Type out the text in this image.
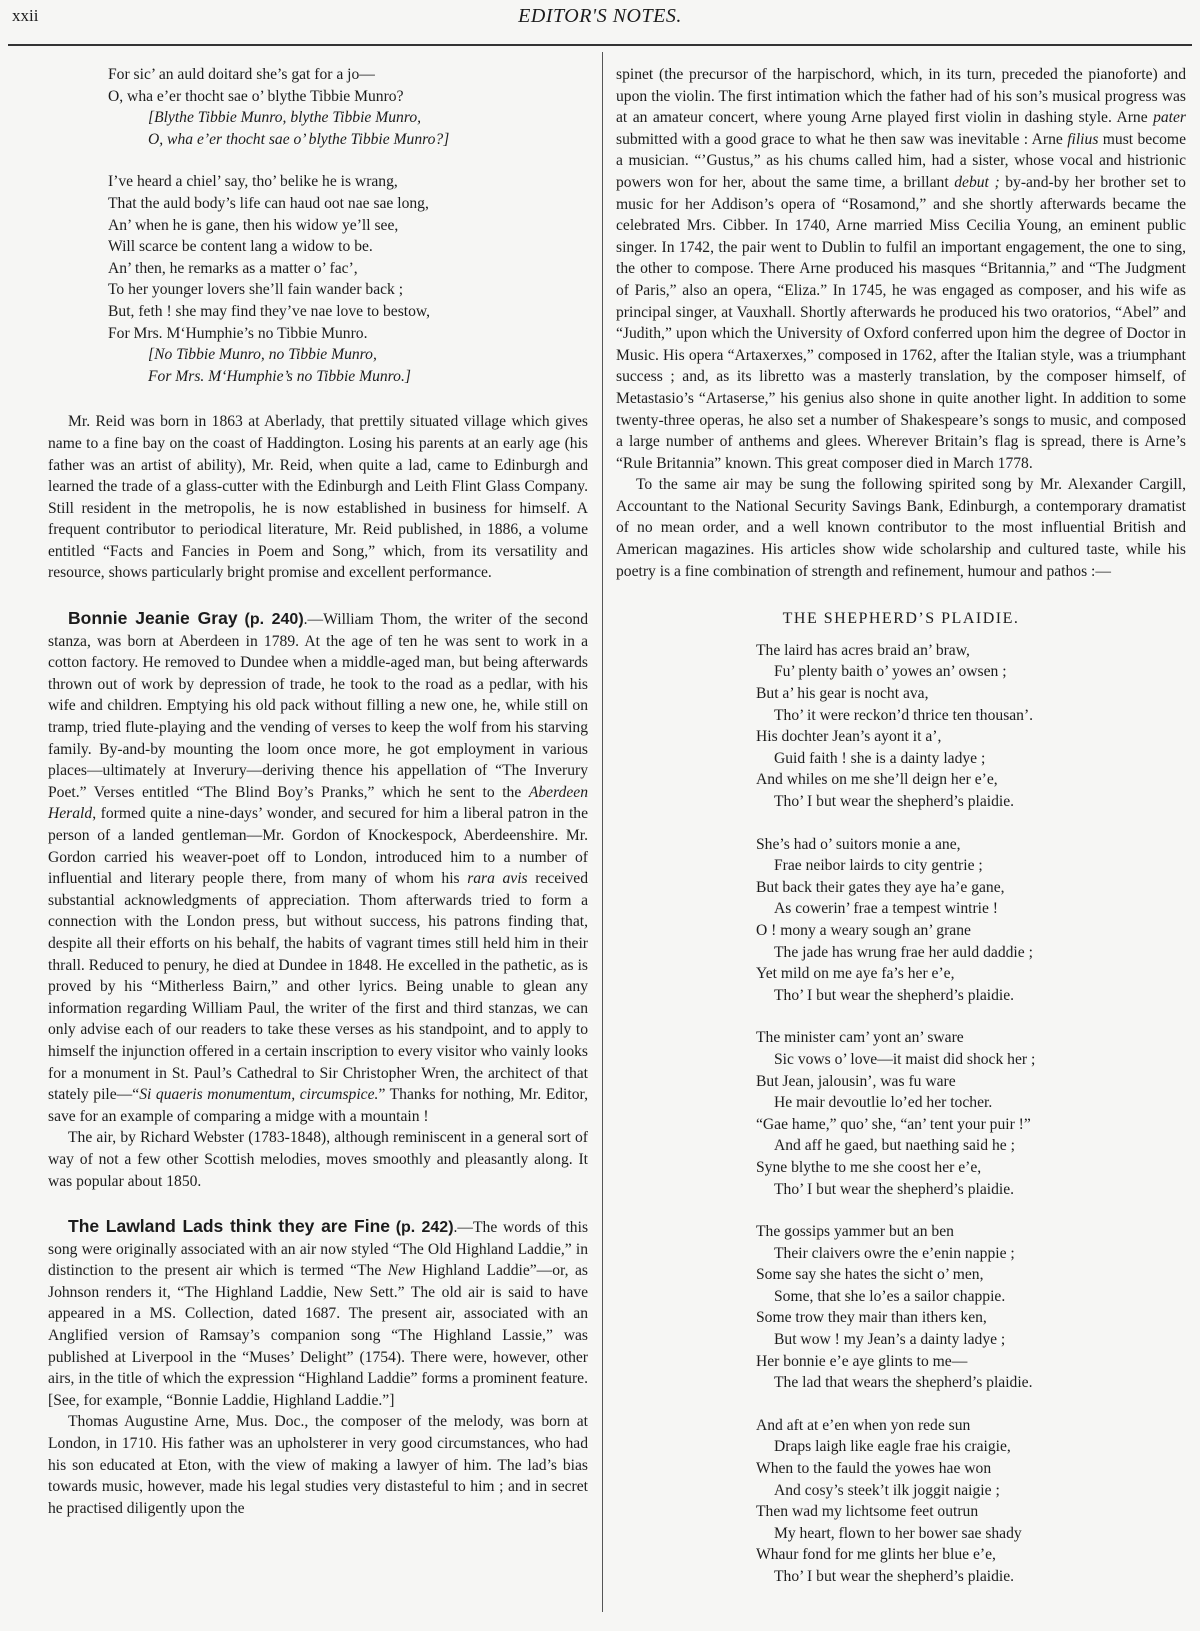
xxii	EDITOR'S NOTES.
For sic’ an auld doitard she’s gat for a jo—
O, wha e’er thocht sae o’ blythe Tibbie Munro?
[Blythe Tibbie Munro, blythe Tibbie Munro,
O, wha e’er thocht sae o’ blythe Tibbie Munro?]
I’ve heard a chiel’ say, tho’ belike he is wrang,
That the auld body’s life can haud oot nae sae long,
An’ when he is gane, then his widow ye’ll see,
Will scarce be content lang a widow to be.
An’ then, he remarks as a matter o’ fac’,
To her younger lovers she’ll fain wander back ;
But, feth ! she may find they’ve nae love to bestow,
For Mrs. M‘Humphie’s no Tibbie Munro.
[No Tibbie Munro, no Tibbie Munro,
For Mrs. M‘Humphie’s no Tibbie Munro.]

Mr. Reid was born in 1863 at Aberlady, that prettily situated village which gives name to a fine bay on the coast of Haddington. Losing his parents at an early age (his father was an artist of ability), Mr. Reid, when quite a lad, came to Edinburgh and learned the trade of a glass-cutter with the Edinburgh and Leith Flint Glass Company. Still resident in the metropolis, he is now established in business for himself. A frequent contributor to periodical literature, Mr. Reid published, in 1886, a volume entitled “Facts and Fancies in Poem and Song,” which, from its versatility and resource, shows particularly bright promise and excellent performance.

Bonnie Jeanie Gray (p. 240).—William Thom, the writer of the second stanza, was born at Aberdeen in 1789. At the age of ten he was sent to work in a cotton factory. He removed to Dundee when a middle-aged man, but being afterwards thrown out of work by depression of trade, he took to the road as a pedlar, with his wife and children. Emptying his old pack without filling a new one, he, while still on tramp, tried flute-playing and the vending of verses to keep the wolf from his starving family. By-and-by mounting the loom once more, he got employment in various places—ultimately at Inverury—deriving thence his appellation of “The Inverury Poet.” Verses entitled “The Blind Boy’s Pranks,” which he sent to the Aberdeen Herald, formed quite a nine-days’ wonder, and secured for him a liberal patron in the person of a landed gentleman—Mr. Gordon of Knockespock, Aberdeenshire. Mr. Gordon carried his weaver-poet off to London, introduced him to a number of influential and literary people there, from many of whom his rara avis received substantial acknowledgments of appreciation. Thom afterwards tried to form a connection with the London press, but without success, his patrons finding that, despite all their efforts on his behalf, the habits of vagrant times still held him in their thrall. Reduced to penury, he died at Dundee in 1848. He excelled in the pathetic, as is proved by his “Mitherless Bairn,” and other lyrics. Being unable to glean any information regarding William Paul, the writer of the first and third stanzas, we can only advise each of our readers to take these verses as his standpoint, and to apply to himself the injunction offered in a certain inscription to every visitor who vainly looks for a monument in St. Paul’s Cathedral to Sir Christopher Wren, the architect of that stately pile—“Si quaeris monumentum, circumspice.” Thanks for nothing, Mr. Editor, save for an example of comparing a midge with a mountain !

The air, by Richard Webster (1783-1848), although reminiscent in a general sort of way of not a few other Scottish melodies, moves smoothly and pleasantly along. It was popular about 1850.

The Lawland Lads think they are Fine (p. 242).—The words of this song were originally associated with an air now styled “The Old Highland Laddie,” in distinction to the present air which is termed “The New Highland Laddie”—or, as Johnson renders it, “The Highland Laddie, New Sett.” The old air is said to have appeared in a MS. Collection, dated 1687. The present air, associated with an Anglified version of Ramsay’s companion song “The Highland Lassie,” was published at Liverpool in the “Muses’ Delight” (1754). There were, however, other airs, in the title of which the expression “Highland Laddie” forms a prominent feature. [See, for example, “Bonnie Laddie, Highland Laddie.”]

Thomas Augustine Arne, Mus. Doc., the composer of the melody, was born at London, in 1710. His father was an upholsterer in very good circumstances, who had his son educated at Eton, with the view of making a lawyer of him. The lad’s bias towards music, however, made his legal studies very distasteful to him ; and in secret he practised diligently upon the

spinet (the precursor of the harpischord, which, in its turn, preceded the pianoforte) and upon the violin. The first intimation which the father had of his son’s musical progress was at an amateur concert, where young Arne played first violin in dashing style. Arne pater submitted with a good grace to what he then saw was inevitable : Arne filius must become a musician. “’Gustus,” as his chums called him, had a sister, whose vocal and histrionic powers won for her, about the same time, a brillant debut ; by-and-by her brother set to music for her Addison’s opera of “Rosamond,” and she shortly afterwards became the celebrated Mrs. Cibber. In 1740, Arne married Miss Cecilia Young, an eminent public singer. In 1742, the pair went to Dublin to fulfil an important engagement, the one to sing, the other to compose. There Arne produced his masques “Britannia,” and “The Judgment of Paris,” also an opera, “Eliza.” In 1745, he was engaged as composer, and his wife as principal singer, at Vauxhall. Shortly afterwards he produced his two oratorios, “Abel” and “Judith,” upon which the University of Oxford conferred upon him the degree of Doctor in Music. His opera “Artaxerxes,” composed in 1762, after the Italian style, was a triumphant success ; and, as its libretto was a masterly translation, by the composer himself, of Metastasio’s “Artaserse,” his genius also shone in quite another light. In addition to some twenty-three operas, he also set a number of Shakespeare’s songs to music, and composed a large number of anthems and glees. Wherever Britain’s flag is spread, there is Arne’s “Rule Britannia” known. This great composer died in March 1778.

To the same air may be sung the following spirited song by Mr. Alexander Cargill, Accountant to the National Security Savings Bank, Edinburgh, a contemporary dramatist of no mean order, and a well known contributor to the most influential British and American magazines. His articles show wide scholarship and cultured taste, while his poetry is a fine combination of strength and refinement, humour and pathos :—

THE SHEPHERD’S PLAIDIE.
The laird has acres braid an’ braw,
Fu’ plenty baith o’ yowes an’ owsen ;
But a’ his gear is nocht ava,
Tho’ it were reckon’d thrice ten thousan’.
His dochter Jean’s ayont it a’,
Guid faith ! she is a dainty ladye ;
And whiles on me she’ll deign her e’e,
Tho’ I but wear the shepherd’s plaidie.
She’s had o’ suitors monie a ane,
Frae neibor lairds to city gentrie ;
But back their gates they aye ha’e gane,
As cowerin’ frae a tempest wintrie !
O ! mony a weary sough an’ grane
The jade has wrung frae her auld daddie ;
Yet mild on me aye fa’s her e’e,
Tho’ I but wear the shepherd’s plaidie.
The minister cam’ yont an’ sware
Sic vows o’ love—it maist did shock her ;
But Jean, jalousin’, was fu ware
He mair devoutlie lo’ed her tocher.
“Gae hame,” quo’ she, “an’ tent your puir !”
And aff he gaed, but naething said he ;
Syne blythe to me she coost her e’e,
Tho’ I but wear the shepherd’s plaidie.
The gossips yammer but an ben
Their claivers owre the e’enin nappie ;
Some say she hates the sicht o’ men,
Some, that she lo’es a sailor chappie.
Some trow they mair than ithers ken,
But wow ! my Jean’s a dainty ladye ;
Her bonnie e’e aye glints to me—
The lad that wears the shepherd’s plaidie.
And aft at e’en when yon rede sun
Draps laigh like eagle frae his craigie,
When to the fauld the yowes hae won
And cosy’s steek’t ilk joggit naigie ;
Then wad my lichtsome feet outrun
My heart, flown to her bower sae shady
Whaur fond for me glints her blue e’e,
Tho’ I but wear the shepherd’s plaidie.
